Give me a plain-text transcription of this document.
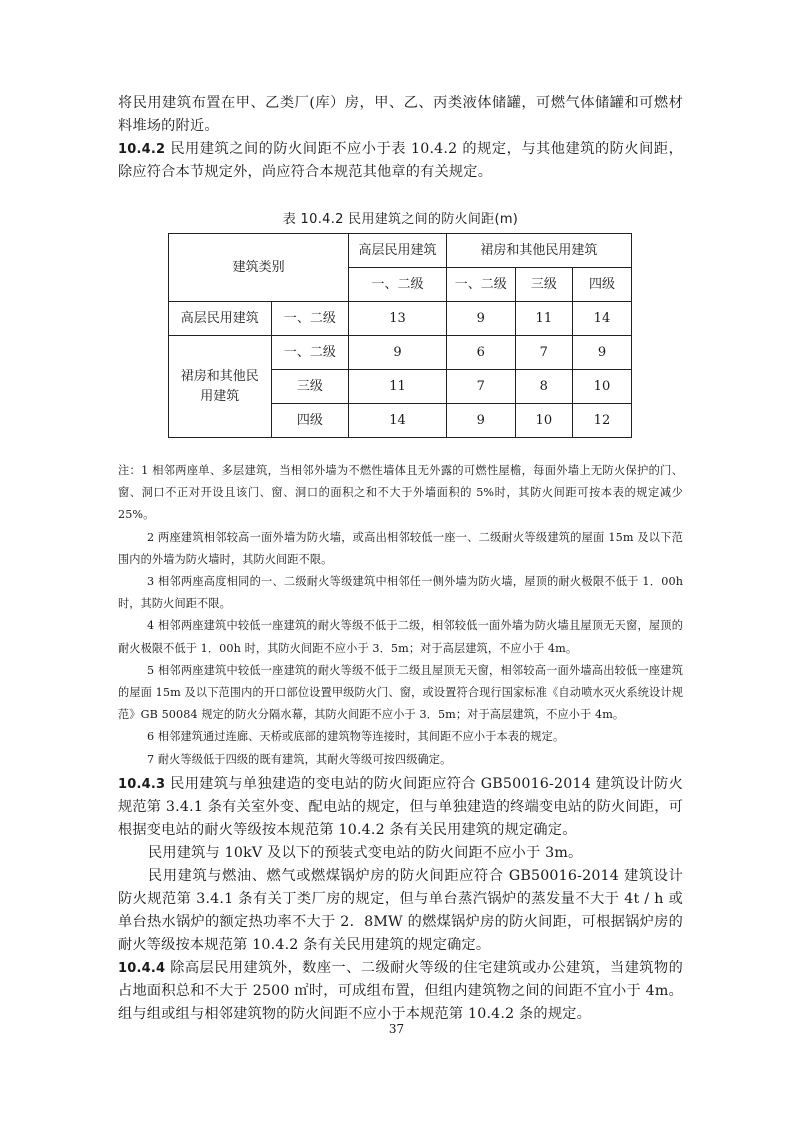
将民用建筑布置在甲、乙类厂(库）房，甲、乙、丙类液体储罐，可燃气体储罐和可燃材料堆场的附近。

10.4.2 民用建筑之间的防火间距不应小于表 10.4.2 的规定，与其他建筑的防火间距，除应符合本节规定外，尚应符合本规范其他章的有关规定。

表 10.4.2 民用建筑之间的防火间距(m)
建筑类别		高层民用建筑	裙房和其他民用建筑		
		一、二级	一、二级	三级	四级
高层民用建筑	一、二级	13	9	11	14
裙房和其他民用建筑	一、二级	9	6	7	9
	三级	11	7	8	10
	四级	14	9	10	12

注：1 相邻两座单、多层建筑，当相邻外墙为不燃性墙体且无外露的可燃性屋檐，每面外墙上无防火保护的门、窗、洞口不正对开设且该门、窗、洞口的面积之和不大于外墙面积的 5%时，其防火间距可按本表的规定减少 25%。

2 两座建筑相邻较高一面外墙为防火墙，或高出相邻较低一座一、二级耐火等级建筑的屋面 15m 及以下范围内的外墙为防火墙时，其防火间距不限。

3 相邻两座高度相同的一、二级耐火等级建筑中相邻任一侧外墙为防火墙，屋顶的耐火极限不低于 1．00h 时，其防火间距不限。

4 相邻两座建筑中较低一座建筑的耐火等级不低于二级，相邻较低一面外墙为防火墙且屋顶无天窗，屋顶的耐火极限不低于 1．00h 时，其防火间距不应小于 3．5m；对于高层建筑，不应小于 4m。

5 相邻两座建筑中较低一座建筑的耐火等级不低于二级且屋顶无天窗，相邻较高一面外墙高出较低一座建筑的屋面 15m 及以下范围内的开口部位设置甲级防火门、窗，或设置符合现行国家标准《自动喷水灭火系统设计规范》GB 50084 规定的防火分隔水幕，其防火间距不应小于 3．5m；对于高层建筑，不应小于 4m。

6 相邻建筑通过连廊、天桥或底部的建筑物等连接时，其间距不应小于本表的规定。

7 耐火等级低于四级的既有建筑，其耐火等级可按四级确定。

10.4.3 民用建筑与单独建造的变电站的防火间距应符合 GB50016-2014 建筑设计防火规范第 3.4.1 条有关室外变、配电站的规定，但与单独建造的终端变电站的防火间距，可根据变电站的耐火等级按本规范第 10.4.2 条有关民用建筑的规定确定。

民用建筑与 10kV 及以下的预装式变电站的防火间距不应小于 3m。

民用建筑与燃油、燃气或燃煤锅炉房的防火间距应符合 GB50016-2014 建筑设计防火规范第 3.4.1 条有关丁类厂房的规定，但与单台蒸汽锅炉的蒸发量不大于 4t / h 或单台热水锅炉的额定热功率不大于 2．8MW 的燃煤锅炉房的防火间距，可根据锅炉房的耐火等级按本规范第 10.4.2 条有关民用建筑的规定确定。

10.4.4 除高层民用建筑外，数座一、二级耐火等级的住宅建筑或办公建筑，当建筑物的占地面积总和不大于 2500 ㎡时，可成组布置，但组内建筑物之间的间距不宜小于 4m。组与组或组与相邻建筑物的防火间距不应小于本规范第 10.4.2 条的规定。

37
